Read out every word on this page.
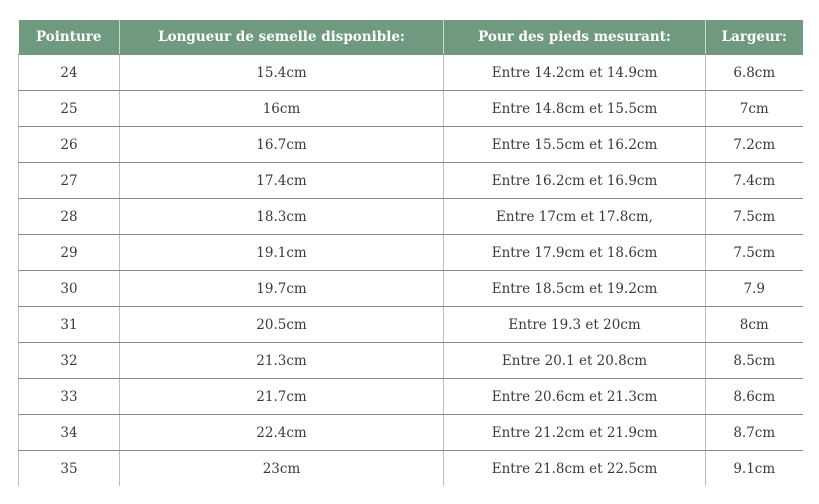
Pointure	Longueur de semelle disponible:	Pour des pieds mesurant:	Largeur:
24	15.4cm	Entre 14.2cm et 14.9cm	6.8cm
25	16cm	Entre 14.8cm et 15.5cm	7cm
26	16.7cm	Entre 15.5cm et 16.2cm	7.2cm
27	17.4cm	Entre 16.2cm et 16.9cm	7.4cm
28	18.3cm	Entre 17cm et 17.8cm,	7.5cm
29	19.1cm	Entre 17.9cm et 18.6cm	7.5cm
30	19.7cm	Entre 18.5cm et 19.2cm	7.9
31	20.5cm	Entre 19.3 et 20cm	8cm
32	21.3cm	Entre 20.1 et 20.8cm	8.5cm
33	21.7cm	Entre 20.6cm et 21.3cm	8.6cm
34	22.4cm	Entre 21.2cm et 21.9cm	8.7cm
35	23cm	Entre 21.8cm et 22.5cm	9.1cm
